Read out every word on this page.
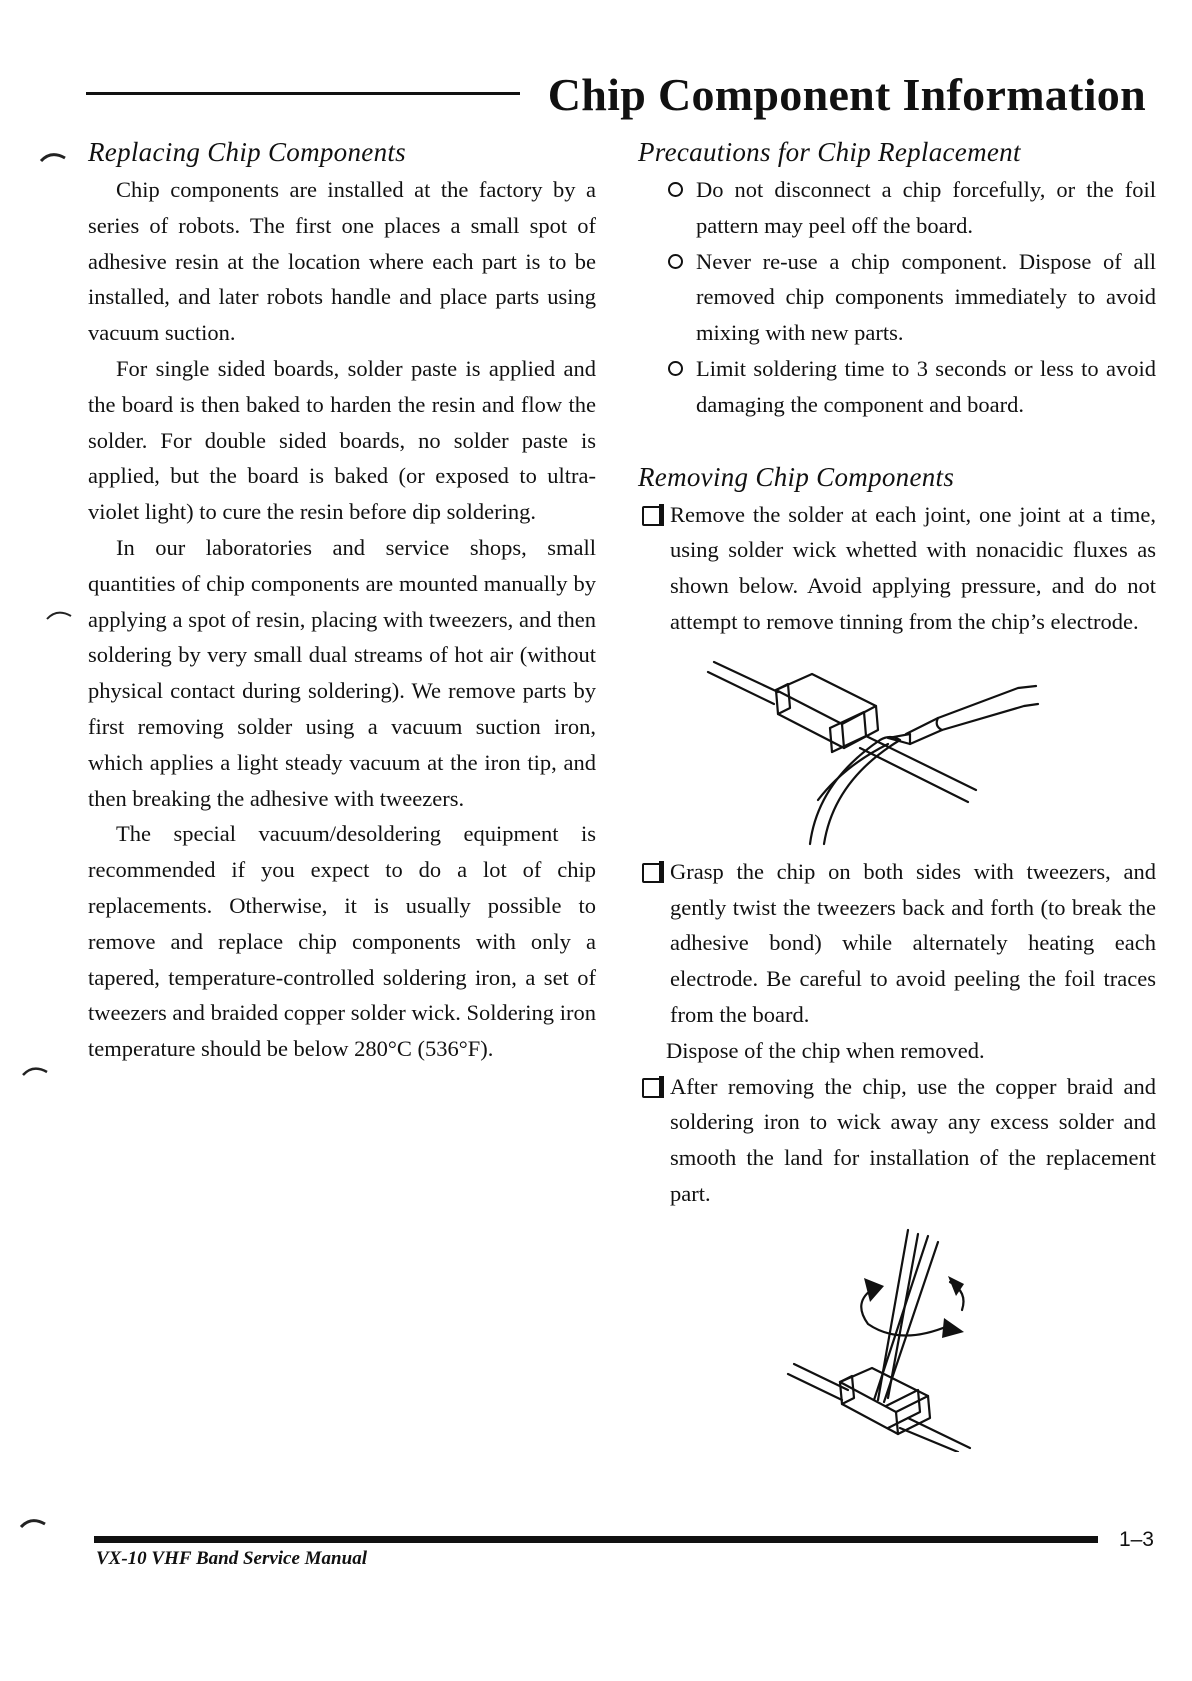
Chip Component Information
Replacing Chip Components

Chip components are installed at the factory by a series of robots. The first one places a small spot of adhesive resin at the location where each part is to be installed, and later robots handle and place parts using vacuum suction.

For single sided boards, solder paste is applied and the board is then baked to harden the resin and flow the solder. For double sided boards, no solder paste is applied, but the board is baked (or exposed to ultra-violet light) to cure the resin before dip soldering.

In our laboratories and service shops, small quantities of chip components are mounted manually by applying a spot of resin, placing with tweezers, and then soldering by very small dual streams of hot air (without physical contact during soldering). We remove parts by first removing solder using a vacuum suction iron, which applies a light steady vacuum at the iron tip, and then breaking the adhesive with tweezers.

The special vacuum/desoldering equipment is recommended if you expect to do a lot of chip replacements. Otherwise, it is usually possible to remove and replace chip components with only a tapered, temperature-controlled soldering iron, a set of tweezers and braided copper solder wick. Soldering iron temperature should be below 280°C (536°F).

Precautions for Chip Replacement
Do not disconnect a chip forcefully, or the foil pattern may peel off the board.
Never re-use a chip component. Dispose of all removed chip components immediately to avoid mixing with new parts.
Limit soldering time to 3 seconds or less to avoid damaging the component and board.
Removing Chip Components
Remove the solder at each joint, one joint at a time, using solder wick whetted with nonacidic fluxes as shown below. Avoid applying pressure, and do not attempt to remove tinning from the chip’s electrode.
Grasp the chip on both sides with tweezers, and gently twist the tweezers back and forth (to break the adhesive bond) while alternately heating each electrode. Be careful to avoid peeling the foil traces from the board.

Dispose of the chip when removed.

After removing the chip, use the copper braid and soldering iron to wick away any excess solder and smooth the land for installation of the replacement part.
1–3
VX-10 VHF Band Service Manual
